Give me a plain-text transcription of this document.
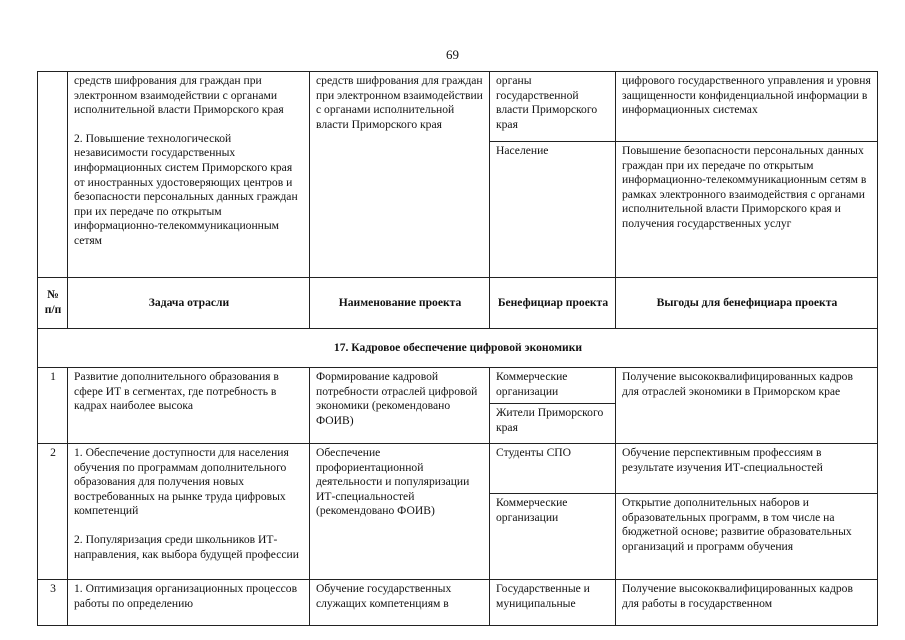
69

	средств шифрования для граждан при электронном взаимодействии с органами исполнительной власти Приморского края

2. Повышение технологической независимости государственных информационных систем Приморского края от иностранных удостоверяющих центров и безопасности персональных данных граждан при их передаче по открытым информационно-телекоммуникационным сетям	средств шифрования для граждан при электронном взаимодействии с органами исполнительной власти Приморского края	органы государственной власти Приморского края	цифрового государственного управления и уровня защищенности конфиденциальной информации в информационных системах
			Население	Повышение безопасности персональных данных граждан при их передаче по открытым информационно-телекоммуникационным сетям в рамках электронного взаимодействия с органами исполнительной власти Приморского края и получения государственных услуг
№ п/п	Задача отрасли	Наименование проекта	Бенефициар проекта	Выгоды для бенефициара проекта
17. Кадровое обеспечение цифровой экономики				
1	Развитие дополнительного образования в сфере ИТ в сегментах, где потребность в кадрах наиболее высока	Формирование кадровой потребности отраслей цифровой экономики (рекомендовано ФОИВ)	Коммерческие организации	Получение высококвалифицированных кадров для отраслей экономики в Приморском крае
			Жители Приморского края	
2	1. Обеспечение доступности для населения обучения по программам дополнительного образования для получения новых востребованных на рынке труда цифровых компетенций

2. Популяризация среди школьников ИТ-направления, как выбора будущей профессии	Обеспечение профориентационной деятельности и популяризации ИТ-специальностей (рекомендовано ФОИВ)	Студенты СПО	Обучение перспективным профессиям в результате изучения ИТ-специальностей
			Коммерческие организации	Открытие дополнительных наборов и образовательных программ, в том числе на бюджетной основе; развитие образовательных организаций и программ обучения
3	1. Оптимизация организационных процессов работы по определению	Обучение государственных служащих компетенциям в	Государственные и муниципальные	Получение высококвалифицированных кадров для работы в государственном
